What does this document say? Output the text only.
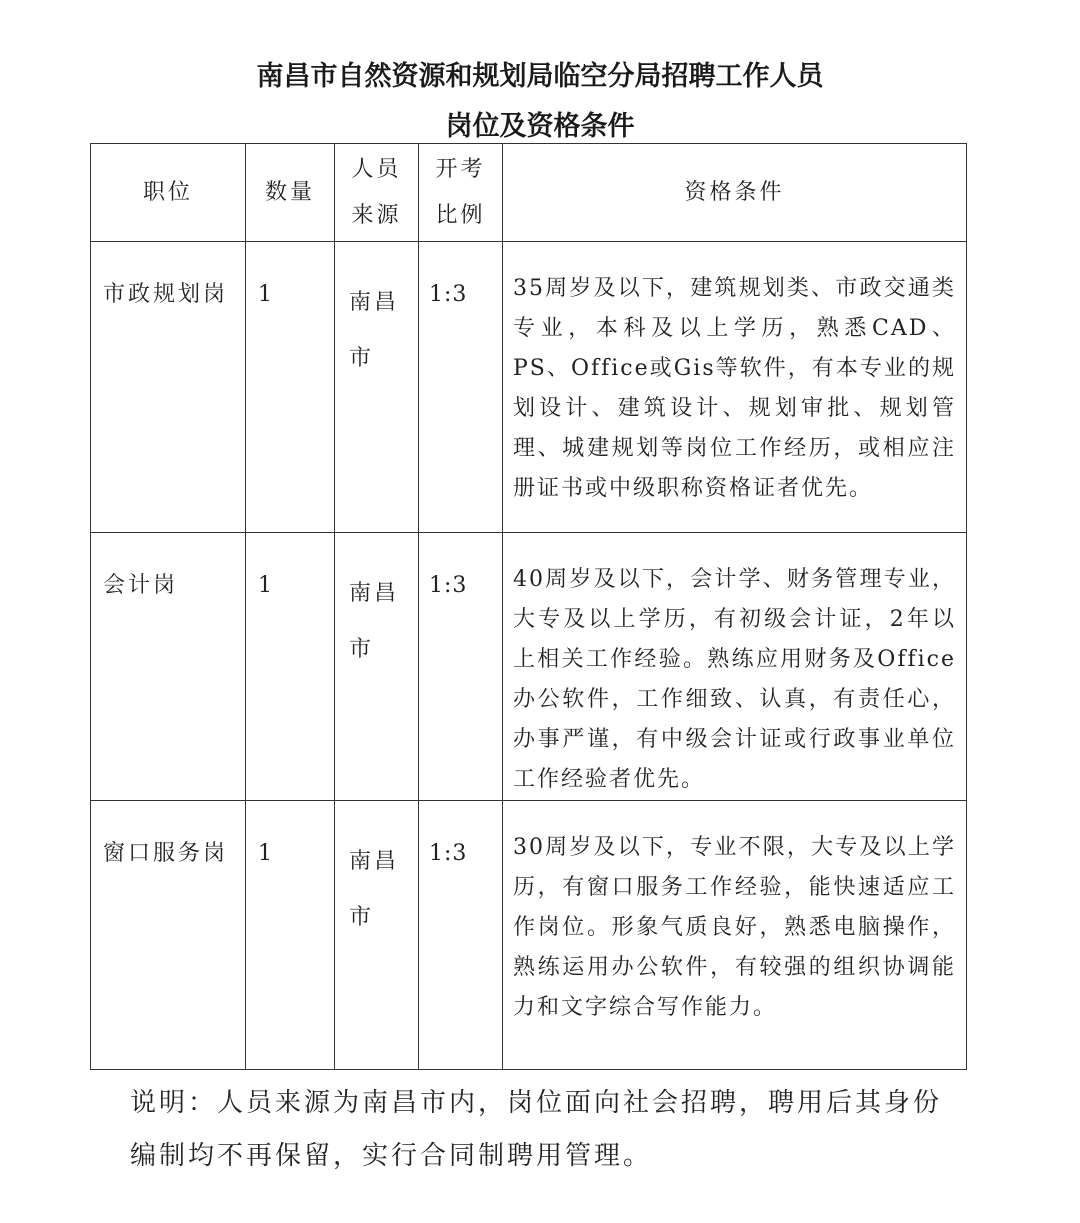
南昌市自然资源和规划局临空分局招聘工作人员
岗位及资格条件
职位	数量	人员来源	开考比例	资格条件
市政规划岗	1	南昌市	1:3	35周岁及以下，建筑规划类、市政交通类专业，本科及以上学历，熟悉CAD、PS、Office或Gis等软件，有本专业的规划设计、建筑设计、规划审批、规划管理、城建规划等岗位工作经历，或相应注册证书或中级职称资格证者优先。
会计岗	1	南昌市	1:3	40周岁及以下，会计学、财务管理专业，大专及以上学历，有初级会计证，2年以上相关工作经验。熟练应用财务及Office办公软件，工作细致、认真，有责任心，办事严谨，有中级会计证或行政事业单位工作经验者优先。
窗口服务岗	1	南昌市	1:3	30周岁及以下，专业不限，大专及以上学历，有窗口服务工作经验，能快速适应工作岗位。形象气质良好，熟悉电脑操作，熟练运用办公软件，有较强的组织协调能力和文字综合写作能力。

说明：人员来源为南昌市内，岗位面向社会招聘，聘用后其身份编制均不再保留，实行合同制聘用管理。
